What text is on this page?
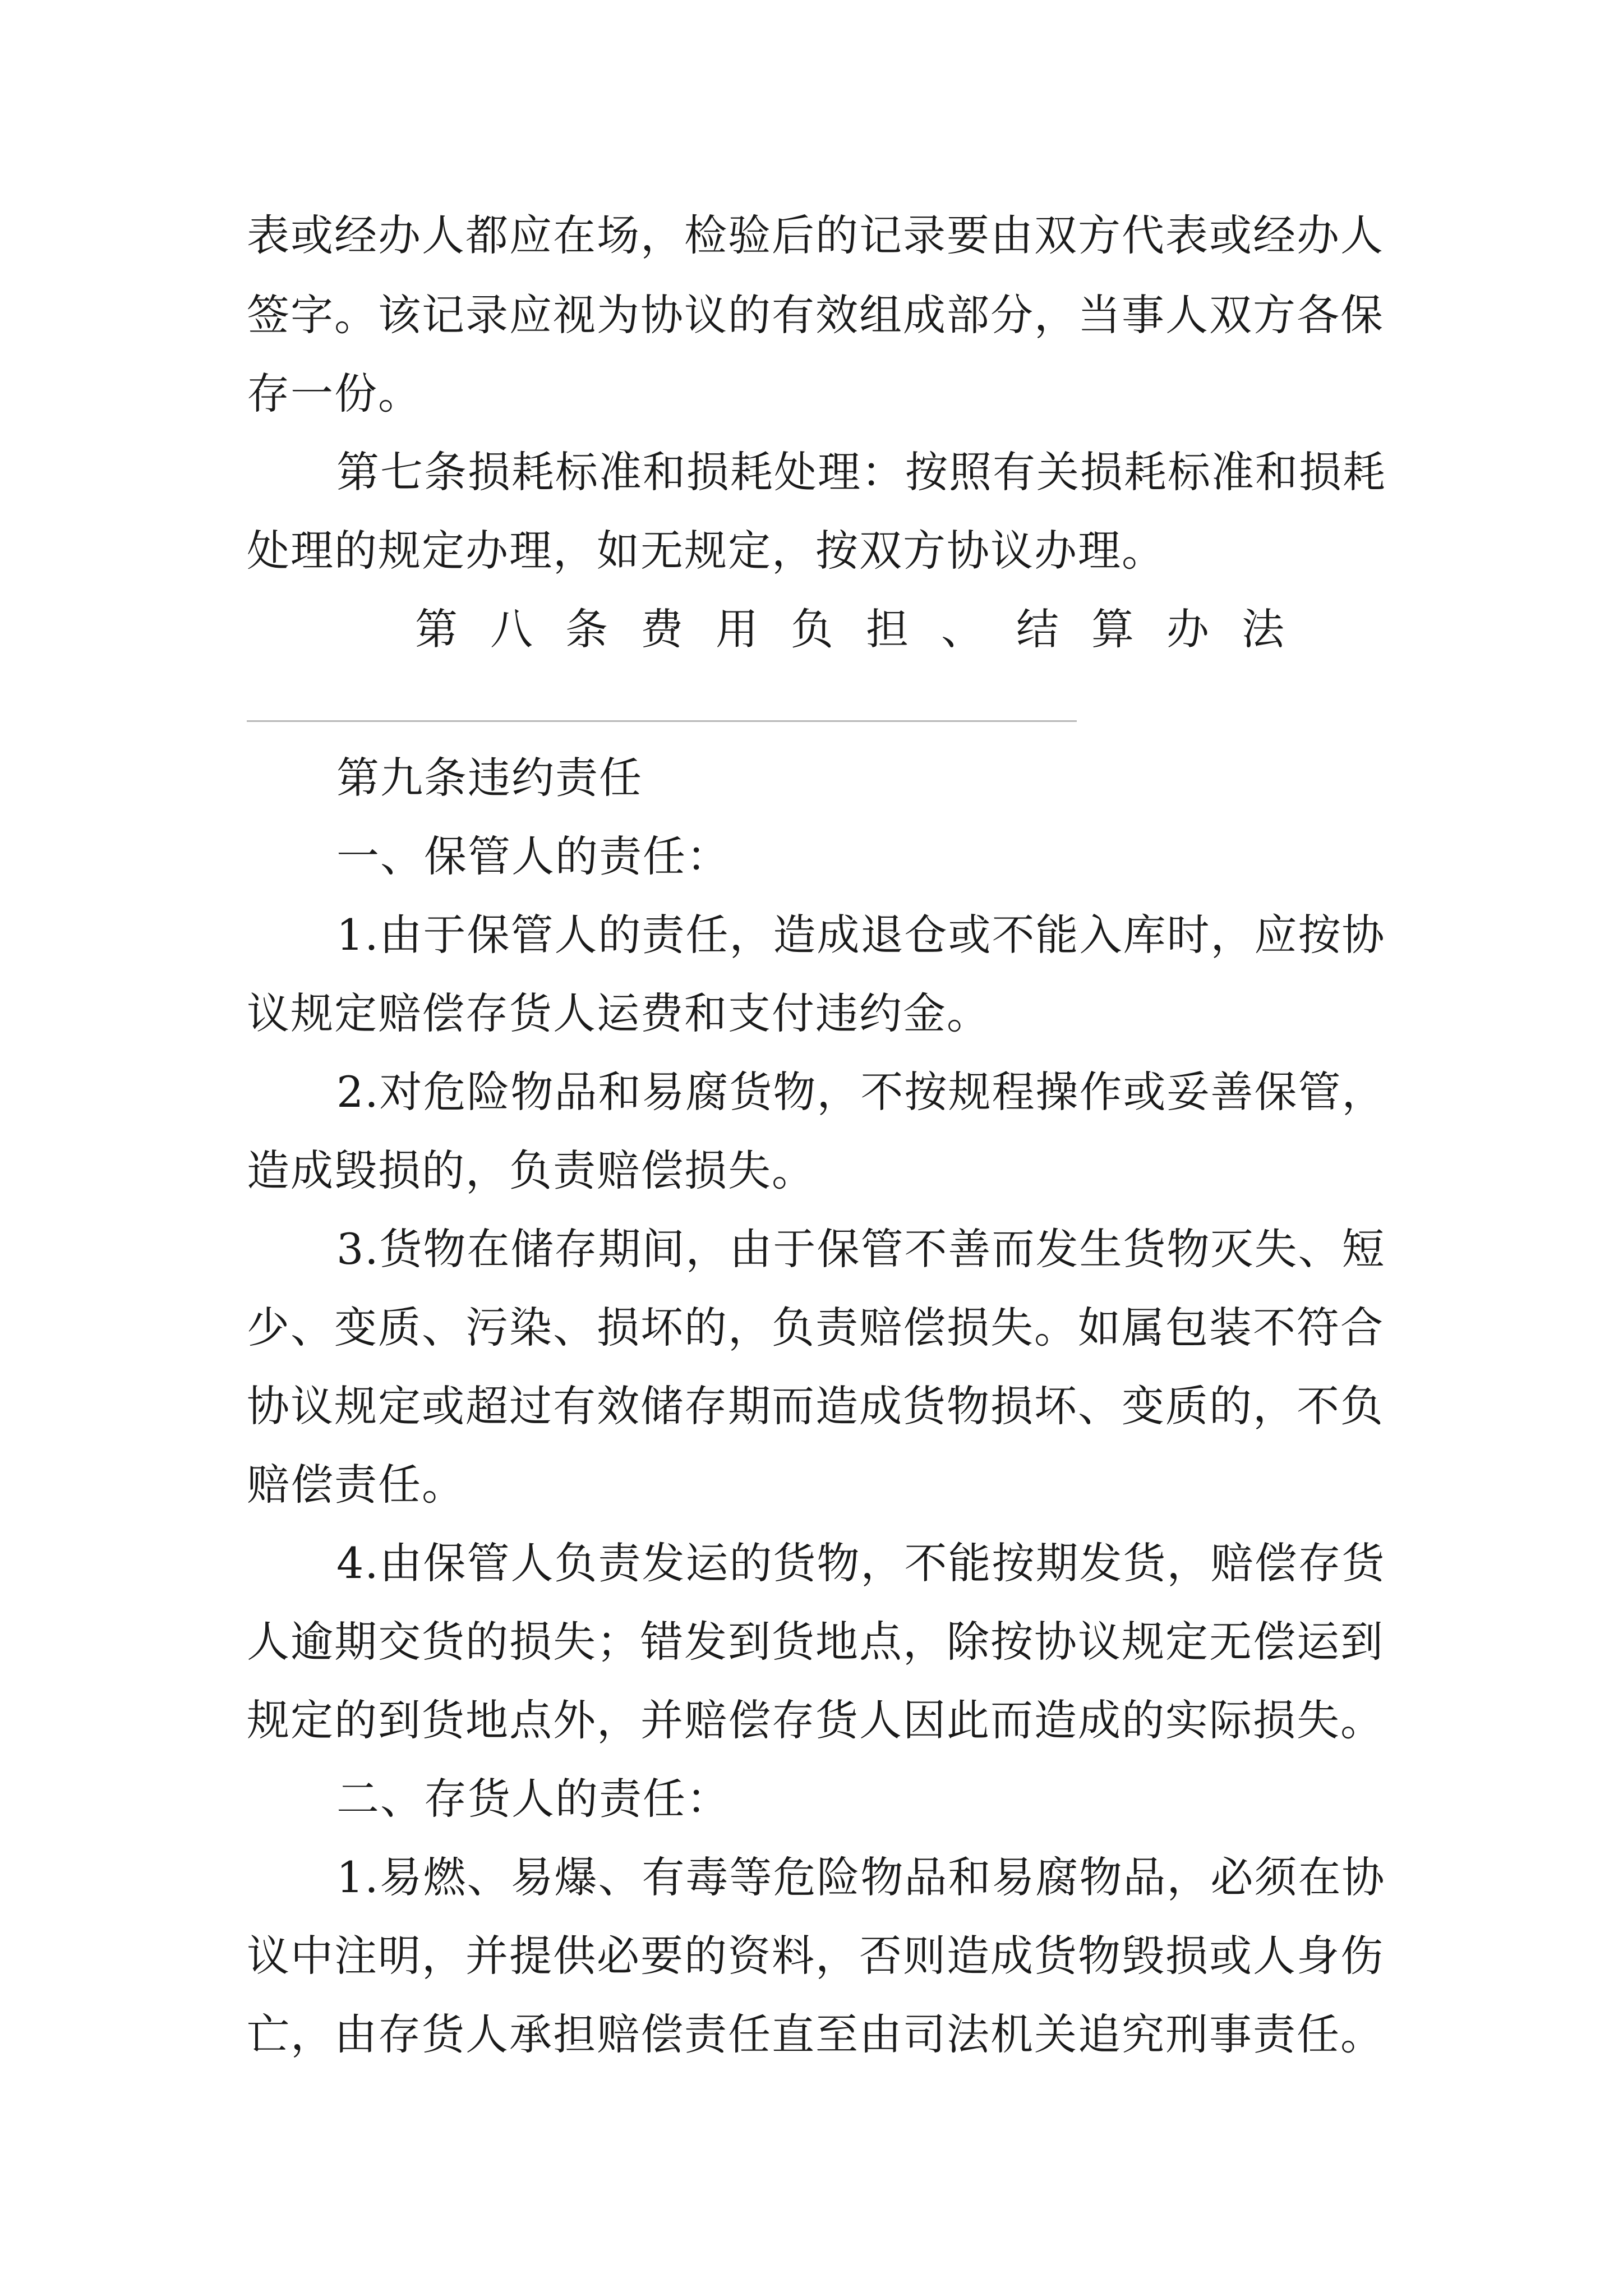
表或经办人都应在场，检验后的记录要由双方代表或经办人
签字。该记录应视为协议的有效组成部分，当事人双方各保
存一份。
第七条损耗标准和损耗处理：按照有关损耗标准和损耗
处理的规定办理，如无规定，按双方协议办理。
第八条费用负担、结算办法
第九条违约责任
一、保管人的责任：
1.由于保管人的责任，造成退仓或不能入库时，应按协
议规定赔偿存货人运费和支付违约金。
2.对危险物品和易腐货物，不按规程操作或妥善保管，
造成毁损的，负责赔偿损失。
3.货物在储存期间，由于保管不善而发生货物灭失、短
少、变质、污染、损坏的，负责赔偿损失。如属包装不符合
协议规定或超过有效储存期而造成货物损坏、变质的，不负
赔偿责任。
4.由保管人负责发运的货物，不能按期发货，赔偿存货
人逾期交货的损失；错发到货地点，除按协议规定无偿运到
规定的到货地点外，并赔偿存货人因此而造成的实际损失。
二、存货人的责任：
1.易燃、易爆、有毒等危险物品和易腐物品，必须在协
议中注明，并提供必要的资料，否则造成货物毁损或人身伤
亡，由存货人承担赔偿责任直至由司法机关追究刑事责任。
